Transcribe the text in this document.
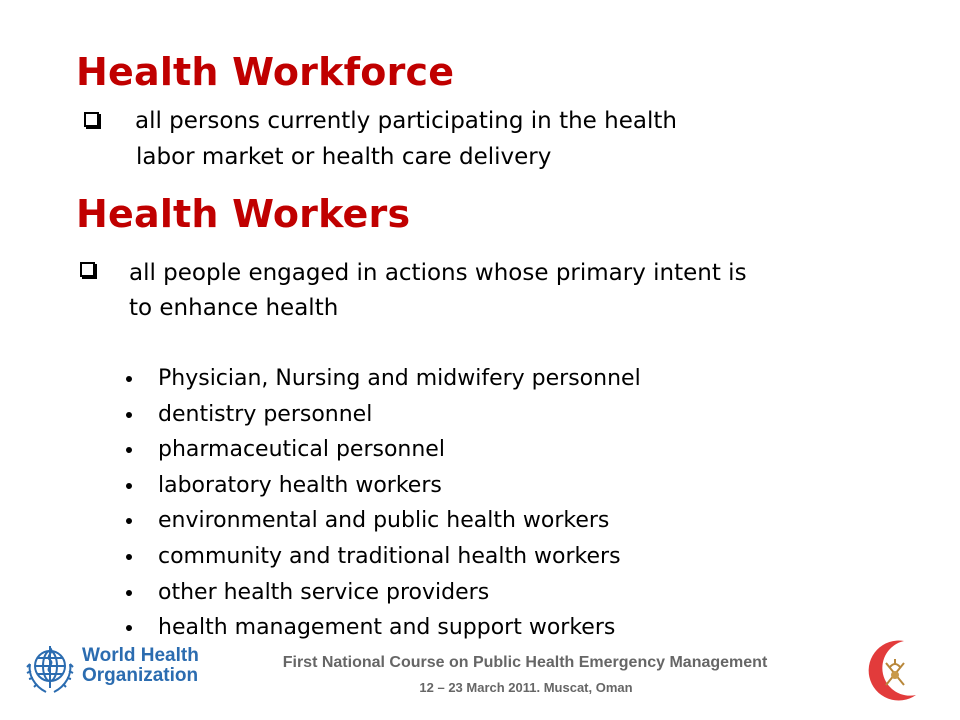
Health Workforce
all persons currently participating in the health
labor market or health care delivery
Health Workers
all people engaged in actions whose primary intent is
to enhance health
Physician, Nursing and midwifery personnel
dentistry personnel
pharmaceutical personnel
laboratory health workers
environmental and public health workers
community and traditional health workers
other health service providers
health management and support workers
World Health
Organization
First National Course on Public Health Emergency Management
12 – 23 March 2011. Muscat, Oman
